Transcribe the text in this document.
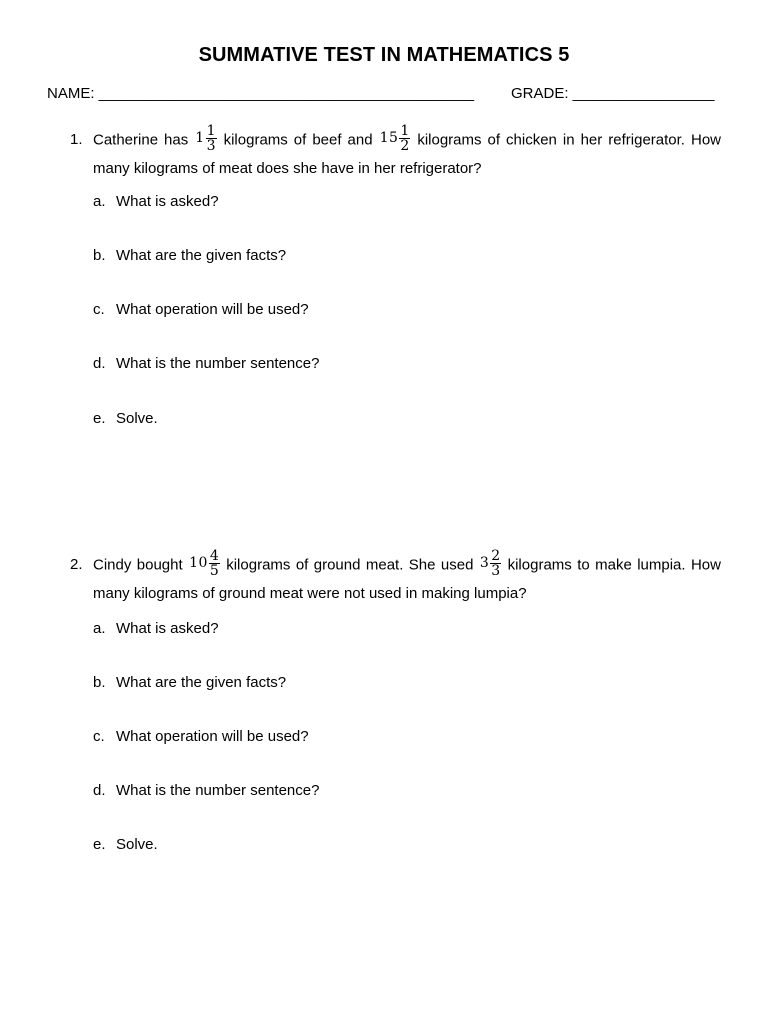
SUMMATIVE TEST IN MATHEMATICS 5
NAME: _____________________________________________ GRADE: _________________
1. Catherine has $1 \frac{1}{3}$ kilograms of beef and $15 \frac{1}{2}$ kilograms of chicken in her refrigerator. How many kilograms of meat does she have in her refrigerator?
a. What is asked?
b. What are the given facts?
c. What operation will be used?
d. What is the number sentence?
e. Solve.
2. Cindy bought $10 \frac{4}{5}$ kilograms of ground meat. She used $3 \frac{2}{3}$ kilograms to make lumpia. How many kilograms of ground meat were not used in making lumpia?
a. What is asked?
b. What are the given facts?
c. What operation will be used?
d. What is the number sentence?
e. Solve.
